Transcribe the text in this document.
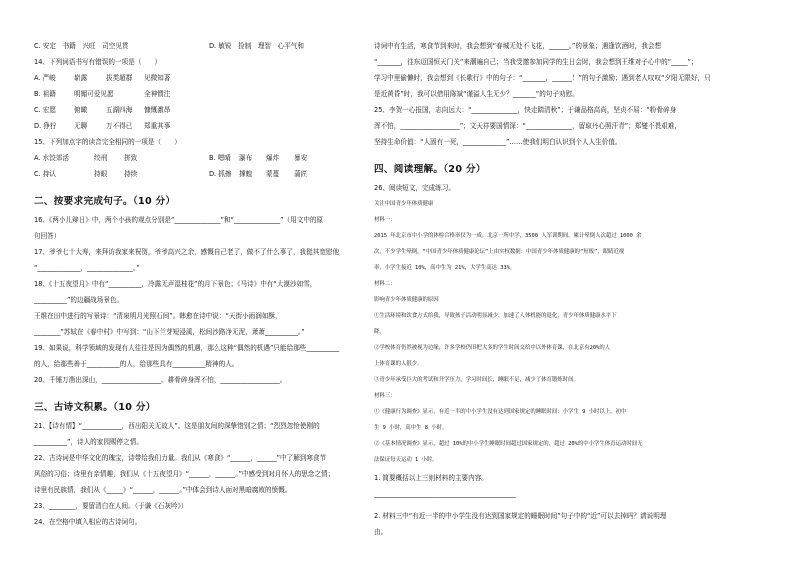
C. 安定　书籍　兴旺　司空见贯	D. 敏锐　捡制　理智　心平气和
14、下列词语书写有错误的一项是（　　）
A. 严峻	崭露	拔类超群 见微知著
B. 祖籍	明媚可爱见愿	全神惯注
C. 宏愿	俯瞰	五湖四海 慷慨激昂
D. 狰狞	无聊	万不得已 郑重其事
15、下列加点字的读音完全相同的一项是（　　）
A. 水饺郊活	绞刑	拼致	B. 嗯晴 瀑布 爆炸 暴安
C. 持认	持眼	持续	D. 抓擦 撑蝗 蒙蔓 蒲匠
二、按要求完成句子。（10 分）
16、《两小儿辩日》中，两个小孩的观点分别是“______________”和“______________”（用文中的原
句回答）
17、爷爷七十大寿，来拜访我家来祝贺，爷爷高兴之余，感慨自己老了，做不了什么事了，我挺其宽慰他
“_____________，______________。”
18、《十五夜望月》中有“__________，冷露无声湿桂花”的月下景色；《马诗》中有“大漠沙如雪，
__________”的边疆战场景色。
王维在田中进行的写景诗：“清泉明月光照石间”。韩愈在诗中说：“天街小雨润如酥，
________”苏轼在《春中村》中写到：“山下兰芽短浸溪，松间沙路净无泥，萧萧__________。”
19、如果说，科学领域的发现有人往往是因为偶然的机遇，那么这种“偶然的机遇”只能给那些__________
的人，给那些善于__________的人，给那些具有__________精神的人。
20、千锤万凿出深山，__________________。耕骨碎身浑不怕，__________________。
三、古诗文积累。（10 分）
21、【诗有情】“____________，西出阳关无故人”。这是朋友间的深挚惜别之情；“烈烈忽怆使刚的
__________”，诗人的家园赐停之情。
22、古诗词是中华文化的瑰宝，诗带给我们力量。我们从《寒食》“______，______”中了解到寒食节
风俗的习俗；诗里有亲情趣，我们从《十五夜望月》“______，______。”中感受到对月怀人的思念之情；
诗里有民族情，我们从《_____》“______，______。”中体会到诗人面对黑暗腐败的愤慨。
23、________，要留清白在人间。（于谦《石灰吟》）
24、在空格中填入相应的古诗词句。
诗词中有生活，寒食节到来时，我会想到“春城无处不飞花，______。”的景象；遇逢饮酒时，我会想
“_______，往东迈国恒天门关”来潮遍自己；当我受邀参加同学的生日会时，我会想到王维对子心中的“_____”；
学习中里偷懒时，我会想到《长歌行》中的句子：“_______，______！”的句子激励；遇到老人叹叹“夕阳无限好，只
是近黄昏”时，我可以借用陈斌“谨溢人生无少？_______”的句子劝慰。
25、李贺一心报国，志向远大：“______________，快走踏清秋”；于谦品格高尚，坚贞不屈：“粉骨碎身
浑不怕，__________________”；文天祥要国情深：“______________，留取丹心照汗青”；郑燮不畏艰难，
坚持生命价值：“人固有一死，_____________”……使我们明白认识到个人人生价值。
四、阅读理解。（20 分）
26、阅读短文，完成练习。
关注中国青少年体质健康
材料一：
2015 年北京市中小学的体检合格率仅为一成。北京一所中学，3500 人军训期间，累计晕倒人次超过 1000 余
次，不少学生晕倒。“中国青少年体质健康论坛”上由实权数据：中国青少年体质健康的“短板”，眼睛近视
率，小学生接近 10%，高中生为 21%，大学生高达 33%。
材料二：
影响青少年体质健康的原因
①生活环境和饮食方式给我，导致孩子活动明显减少，加速了人体机能的退化，青少年体质健康水平下
降。
②学校体育仍然被视为边缘，许多学校仍旧把大多的学生时间交给中以外体育课，在北京有20%的人
上体育课的人很少。
③青少年承受巨大的考试和升学压力，学习时间长，睡眠不足，减少了体育锻炼时间。
材料三：
①《健康行为调查》显示，有近一半的中小学生没有达到国家规定的睡眠时间：小学生 9 小时以上，初中
生 9 小时，高中生 8 小时。
②《基本情况调查》显示，超过 10%的中小学生睡眠时间超过国家规定的，超过 20%的中小学生体育运动时间无
法保证每天运动 1 小时。
1. 简要概括以上三则材料的主要内容。
___________________________________________
2. 材料三中“有近一半的中小学生没有达到国家规定的睡眠时间”句子中的“近”可以去掉吗？请说明理
由。
